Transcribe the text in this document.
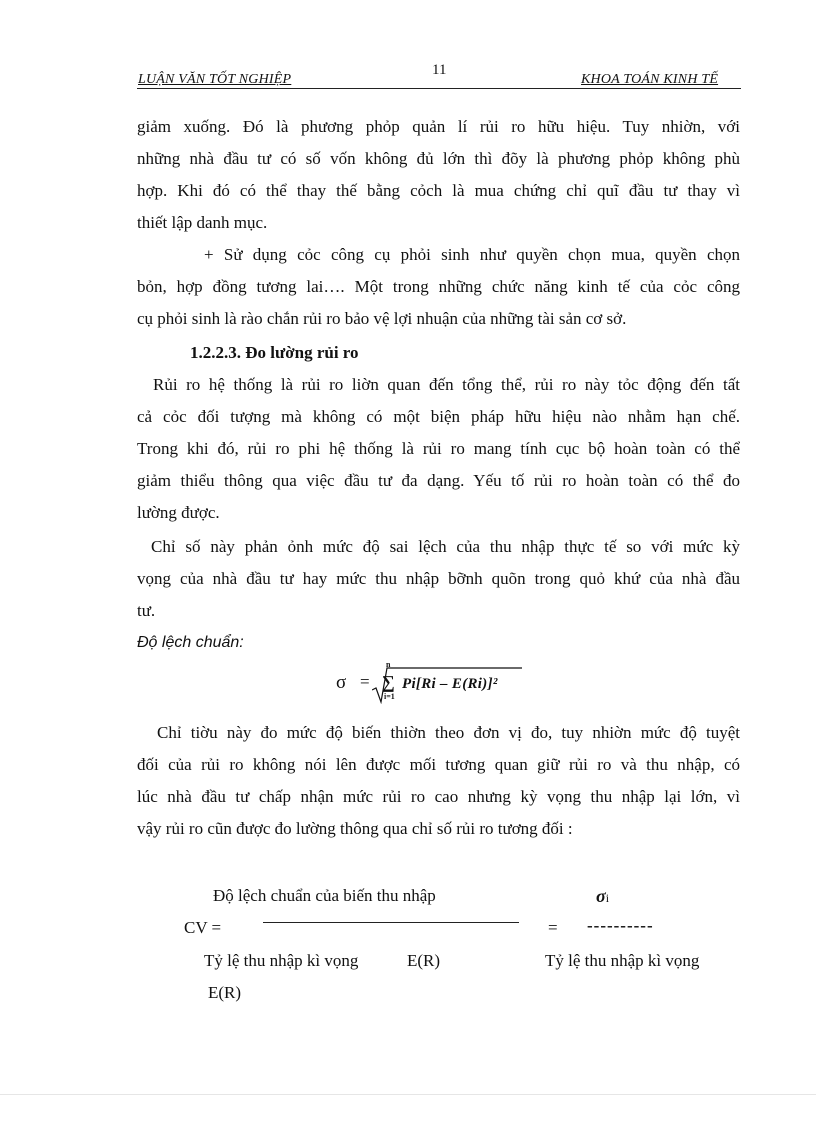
LUẬN VĂN TỐT NGHIỆP
11
KHOA TOÁN KINH TẾ
giảm xuống. Đó là phương phỏp quản lí rủi ro hữu hiệu. Tuy nhiờn, với
những nhà đầu tư có số vốn không đủ lớn thì đõy là phương phỏp không phù
hợp. Khi đó có thể thay thế bằng cỏch là mua chứng chỉ quĩ đầu tư thay vì
thiết lập danh mục.
+ Sử dụng cỏc công cụ phỏi sinh như quyền chọn mua, quyền chọn
bỏn, hợp đồng tương lai…. Một trong những chức năng kinh tế của cỏc công
cụ phỏi sinh là rào chắn rủi ro bảo vệ lợi nhuận của những tài sản cơ sở.
1.2.2.3. Đo lường rủi ro
Rủi ro hệ thống là rủi ro liờn quan đến tổng thể, rủi ro này tỏc động đến tất
cả cỏc đối tượng mà không có một biện pháp hữu hiệu nào nhằm hạn chế.
Trong khi đó, rủi ro phi hệ thống là rủi ro mang tính cục bộ hoàn toàn có thể
giảm thiểu thông qua việc đầu tư đa dạng. Yếu tố rủi ro hoàn toàn có thể đo
lường được.
Chỉ số này phản ỏnh mức độ sai lệch của thu nhập thực tế so với mức kỳ
vọng của nhà đầu tư hay mức thu nhập bỡnh quõn trong quỏ khứ của nhà đầu
tư.
Độ lệch chuẩn:
σ =
n
∑
i=1
Pi[Ri – E(Ri)]²
Chỉ tiờu này đo mức độ biến thiờn theo đơn vị đo, tuy nhiờn mức độ tuyệt
đối của rủi ro không nói lên được mối tương quan giữ rủi ro và thu nhập, có
lúc nhà đầu tư chấp nhận mức rủi ro cao nhưng kỳ vọng thu nhập lại lớn, vì
vậy rủi ro cũn được đo lường thông qua chỉ số rủi ro tương đối :
Độ lệch chuẩn của biến thu nhập	σi
CV =	= ----------
Tỷ lệ thu nhập kì vọng	E(R)	Tỷ lệ thu nhập kì vọng
E(R)
